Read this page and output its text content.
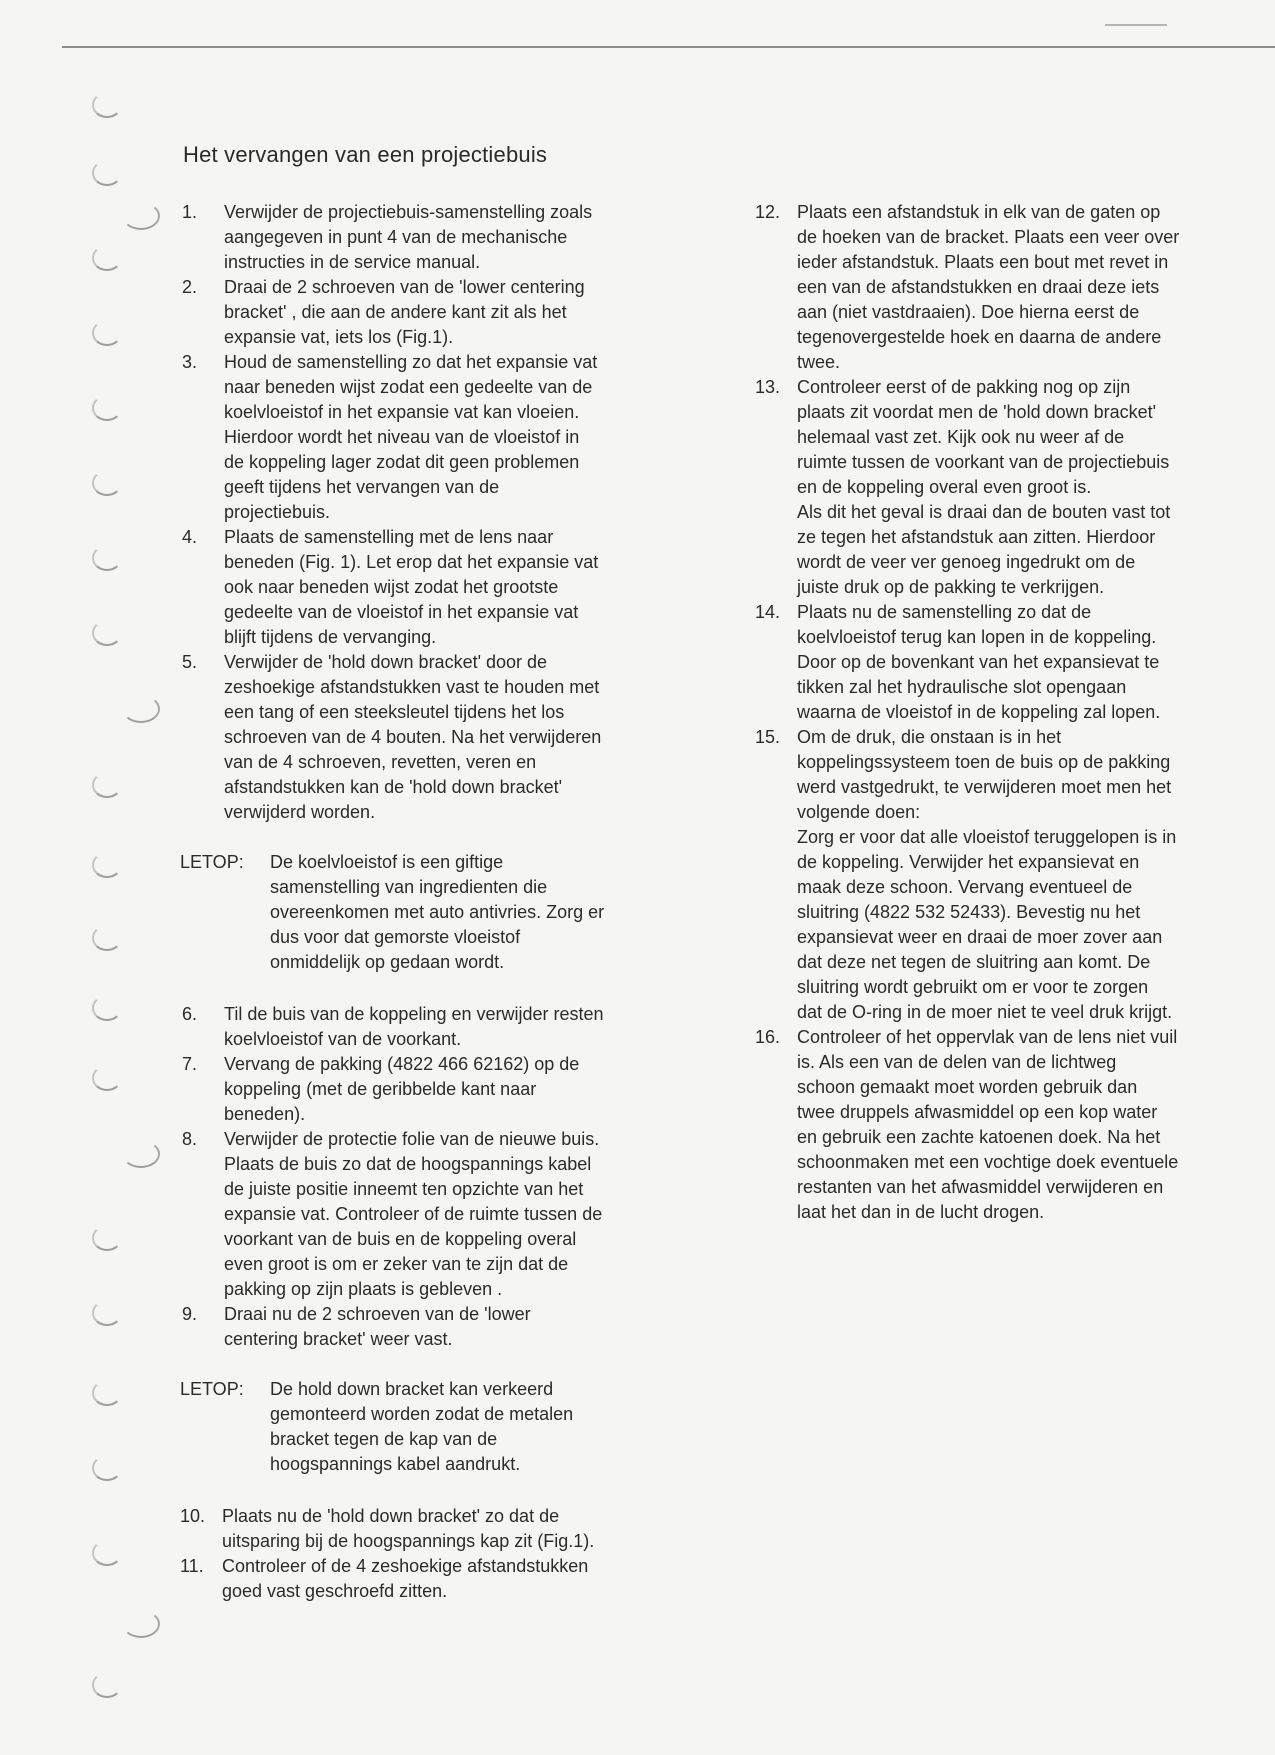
Het vervangen van een projectiebuis
1. Verwijder de projectiebuis-samenstelling zoals
aangegeven in punt 4 van de mechanische
instructies in de service manual.
2. Draai de 2 schroeven van de 'lower centering
bracket' , die aan de andere kant zit als het
expansie vat, iets los (Fig.1).
3. Houd de samenstelling zo dat het expansie vat
naar beneden wijst zodat een gedeelte van de
koelvloeistof in het expansie vat kan vloeien.
Hierdoor wordt het niveau van de vloeistof in
de koppeling lager zodat dit geen problemen
geeft tijdens het vervangen van de
projectiebuis.
4. Plaats de samenstelling met de lens naar
beneden (Fig. 1). Let erop dat het expansie vat
ook naar beneden wijst zodat het grootste
gedeelte van de vloeistof in het expansie vat
blijft tijdens de vervanging.
5. Verwijder de 'hold down bracket' door de
zeshoekige afstandstukken vast te houden met
een tang of een steeksleutel tijdens het los
schroeven van de 4 bouten. Na het verwijderen
van de 4 schroeven, revetten, veren en
afstandstukken kan de 'hold down bracket'
verwijderd worden.
LETOP: De koelvloeistof is een giftige
samenstelling van ingredienten die
overeenkomen met auto antivries. Zorg er
dus voor dat gemorste vloeistof
onmiddelijk op gedaan wordt.
6. Til de buis van de koppeling en verwijder resten
koelvloeistof van de voorkant.
7. Vervang de pakking (4822 466 62162) op de
koppeling (met de geribbelde kant naar
beneden).
8. Verwijder de protectie folie van de nieuwe buis.
Plaats de buis zo dat de hoogspannings kabel
de juiste positie inneemt ten opzichte van het
expansie vat. Controleer of de ruimte tussen de
voorkant van de buis en de koppeling overal
even groot is om er zeker van te zijn dat de
pakking op zijn plaats is gebleven .
9. Draai nu de 2 schroeven van de 'lower
centering bracket' weer vast.
LETOP: De hold down bracket kan verkeerd
gemonteerd worden zodat de metalen
bracket tegen de kap van de
hoogspannings kabel aandrukt.
10. Plaats nu de 'hold down bracket' zo dat de
uitsparing bij de hoogspannings kap zit (Fig.1).
11. Controleer of de 4 zeshoekige afstandstukken
goed vast geschroefd zitten.
12. Plaats een afstandstuk in elk van de gaten op
de hoeken van de bracket. Plaats een veer over
ieder afstandstuk. Plaats een bout met revet in
een van de afstandstukken en draai deze iets
aan (niet vastdraaien). Doe hierna eerst de
tegenovergestelde hoek en daarna de andere
twee.
13. Controleer eerst of de pakking nog op zijn
plaats zit voordat men de 'hold down bracket'
helemaal vast zet. Kijk ook nu weer af de
ruimte tussen de voorkant van de projectiebuis
en de koppeling overal even groot is.
Als dit het geval is draai dan de bouten vast tot
ze tegen het afstandstuk aan zitten. Hierdoor
wordt de veer ver genoeg ingedrukt om de
juiste druk op de pakking te verkrijgen.
14. Plaats nu de samenstelling zo dat de
koelvloeistof terug kan lopen in de koppeling.
Door op de bovenkant van het expansievat te
tikken zal het hydraulische slot opengaan
waarna de vloeistof in de koppeling zal lopen.
15. Om de druk, die onstaan is in het
koppelingssysteem toen de buis op de pakking
werd vastgedrukt, te verwijderen moet men het
volgende doen:
Zorg er voor dat alle vloeistof teruggelopen is in
de koppeling. Verwijder het expansievat en
maak deze schoon. Vervang eventueel de
sluitring (4822 532 52433). Bevestig nu het
expansievat weer en draai de moer zover aan
dat deze net tegen de sluitring aan komt. De
sluitring wordt gebruikt om er voor te zorgen
dat de O-ring in de moer niet te veel druk krijgt.
16. Controleer of het oppervlak van de lens niet vuil
is. Als een van de delen van de lichtweg
schoon gemaakt moet worden gebruik dan
twee druppels afwasmiddel op een kop water
en gebruik een zachte katoenen doek. Na het
schoonmaken met een vochtige doek eventuele
restanten van het afwasmiddel verwijderen en
laat het dan in de lucht drogen.
